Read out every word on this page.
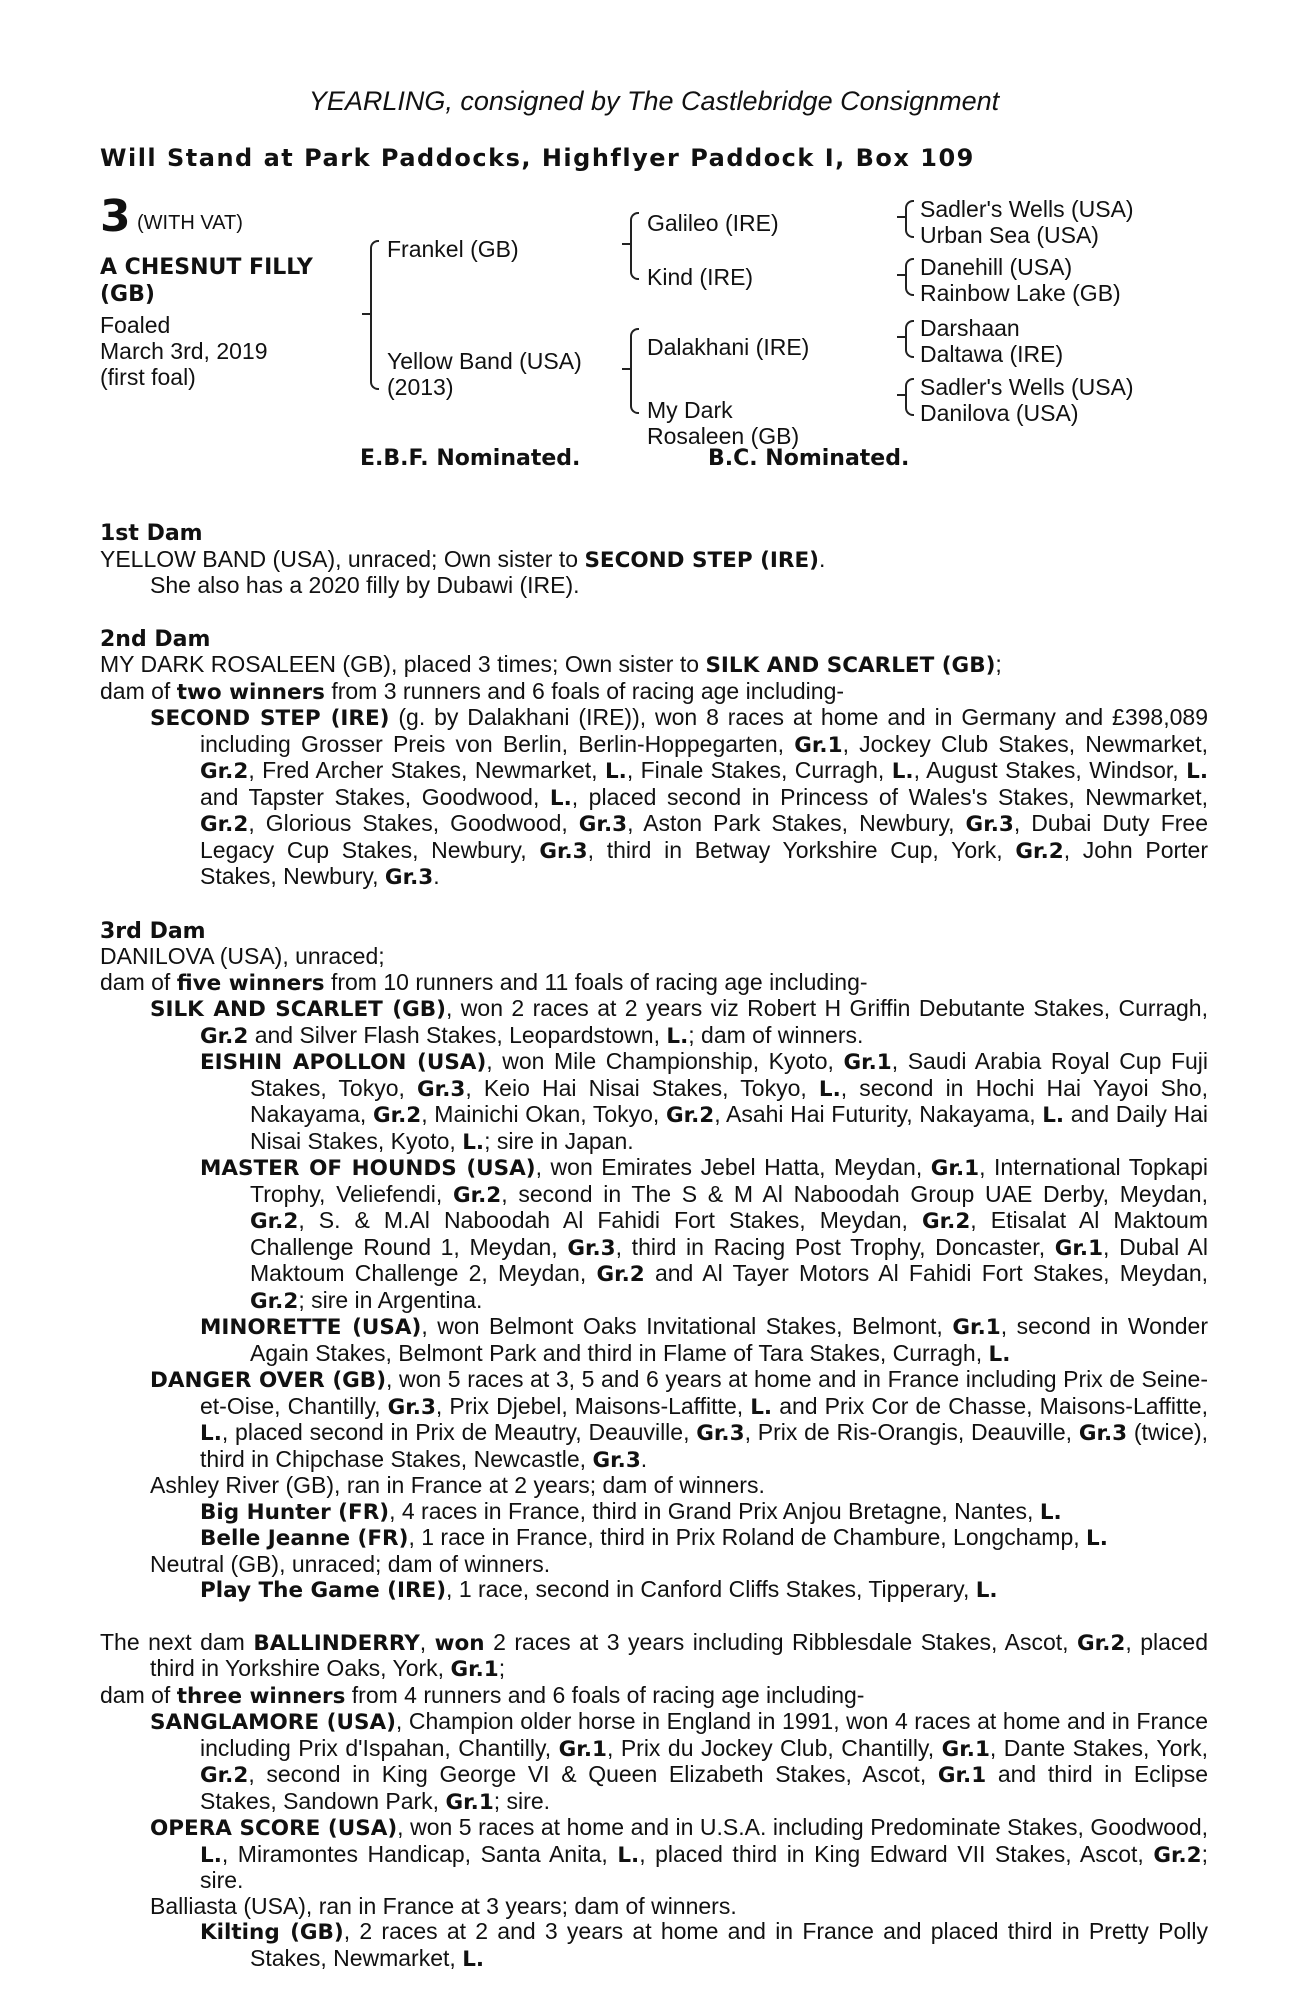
YEARLING, consigned by The Castlebridge Consignment
Will Stand at Park Paddocks, Highflyer Paddock I, Box 109
3 (WITH VAT)
A CHESNUT FILLY (GB)
Foaled
March 3rd, 2019
(first foal)
Frankel (GB)
Yellow Band (USA)
(2013)
Galileo (IRE)
Kind (IRE)
Dalakhani (IRE)
My Dark Rosaleen (GB)
Sadler's Wells (USA)
Urban Sea (USA)
Danehill (USA)
Rainbow Lake (GB)
Darshaan
Daltawa (IRE)
Sadler's Wells (USA)
Danilova (USA)
E.B.F. Nominated.	B.C. Nominated.
1st Dam

YELLOW BAND (USA), unraced; Own sister to SECOND STEP (IRE).

She also has a 2020 filly by Dubawi (IRE).

2nd Dam

MY DARK ROSALEEN (GB), placed 3 times; Own sister to SILK AND SCARLET (GB);

dam of two winners from 3 runners and 6 foals of racing age including-

SECOND STEP (IRE) (g. by Dalakhani (IRE)), won 8 races at home and in Germany and £398,089 including Grosser Preis von Berlin, Berlin-Hoppegarten, Gr.1, Jockey Club Stakes, Newmarket, Gr.2, Fred Archer Stakes, Newmarket, L., Finale Stakes, Curragh, L., August Stakes, Windsor, L. and Tapster Stakes, Goodwood, L., placed second in Princess of Wales's Stakes, Newmarket, Gr.2, Glorious Stakes, Goodwood, Gr.3, Aston Park Stakes, Newbury, Gr.3, Dubai Duty Free Legacy Cup Stakes, Newbury, Gr.3, third in Betway Yorkshire Cup, York, Gr.2, John Porter Stakes, Newbury, Gr.3.

3rd Dam

DANILOVA (USA), unraced;

dam of five winners from 10 runners and 11 foals of racing age including-

SILK AND SCARLET (GB), won 2 races at 2 years viz Robert H Griffin Debutante Stakes, Curragh, Gr.2 and Silver Flash Stakes, Leopardstown, L.; dam of winners.

EISHIN APOLLON (USA), won Mile Championship, Kyoto, Gr.1, Saudi Arabia Royal Cup Fuji Stakes, Tokyo, Gr.3, Keio Hai Nisai Stakes, Tokyo, L., second in Hochi Hai Yayoi Sho, Nakayama, Gr.2, Mainichi Okan, Tokyo, Gr.2, Asahi Hai Futurity, Nakayama, L. and Daily Hai Nisai Stakes, Kyoto, L.; sire in Japan.

MASTER OF HOUNDS (USA), won Emirates Jebel Hatta, Meydan, Gr.1, International Topkapi Trophy, Veliefendi, Gr.2, second in The S & M Al Naboodah Group UAE Derby, Meydan, Gr.2, S. & M.Al Naboodah Al Fahidi Fort Stakes, Meydan, Gr.2, Etisalat Al Maktoum Challenge Round 1, Meydan, Gr.3, third in Racing Post Trophy, Doncaster, Gr.1, Dubal Al Maktoum Challenge 2, Meydan, Gr.2 and Al Tayer Motors Al Fahidi Fort Stakes, Meydan, Gr.2; sire in Argentina.

MINORETTE (USA), won Belmont Oaks Invitational Stakes, Belmont, Gr.1, second in Wonder Again Stakes, Belmont Park and third in Flame of Tara Stakes, Curragh, L.

DANGER OVER (GB), won 5 races at 3, 5 and 6 years at home and in France including Prix de Seine-et-Oise, Chantilly, Gr.3, Prix Djebel, Maisons-Laffitte, L. and Prix Cor de Chasse, Maisons-Laffitte, L., placed second in Prix de Meautry, Deauville, Gr.3, Prix de Ris-Orangis, Deauville, Gr.3 (twice), third in Chipchase Stakes, Newcastle, Gr.3.

Ashley River (GB), ran in France at 2 years; dam of winners.

Big Hunter (FR), 4 races in France, third in Grand Prix Anjou Bretagne, Nantes, L.

Belle Jeanne (FR), 1 race in France, third in Prix Roland de Chambure, Longchamp, L.

Neutral (GB), unraced; dam of winners.

Play The Game (IRE), 1 race, second in Canford Cliffs Stakes, Tipperary, L.

The next dam BALLINDERRY, won 2 races at 3 years including Ribblesdale Stakes, Ascot, Gr.2, placed third in Yorkshire Oaks, York, Gr.1;

dam of three winners from 4 runners and 6 foals of racing age including-

SANGLAMORE (USA), Champion older horse in England in 1991, won 4 races at home and in France including Prix d'Ispahan, Chantilly, Gr.1, Prix du Jockey Club, Chantilly, Gr.1, Dante Stakes, York, Gr.2, second in King George VI & Queen Elizabeth Stakes, Ascot, Gr.1 and third in Eclipse Stakes, Sandown Park, Gr.1; sire.

OPERA SCORE (USA), won 5 races at home and in U.S.A. including Predominate Stakes, Goodwood, L., Miramontes Handicap, Santa Anita, L., placed third in King Edward VII Stakes, Ascot, Gr.2; sire.

Balliasta (USA), ran in France at 3 years; dam of winners.

Kilting (GB), 2 races at 2 and 3 years at home and in France and placed third in Pretty Polly Stakes, Newmarket, L.
